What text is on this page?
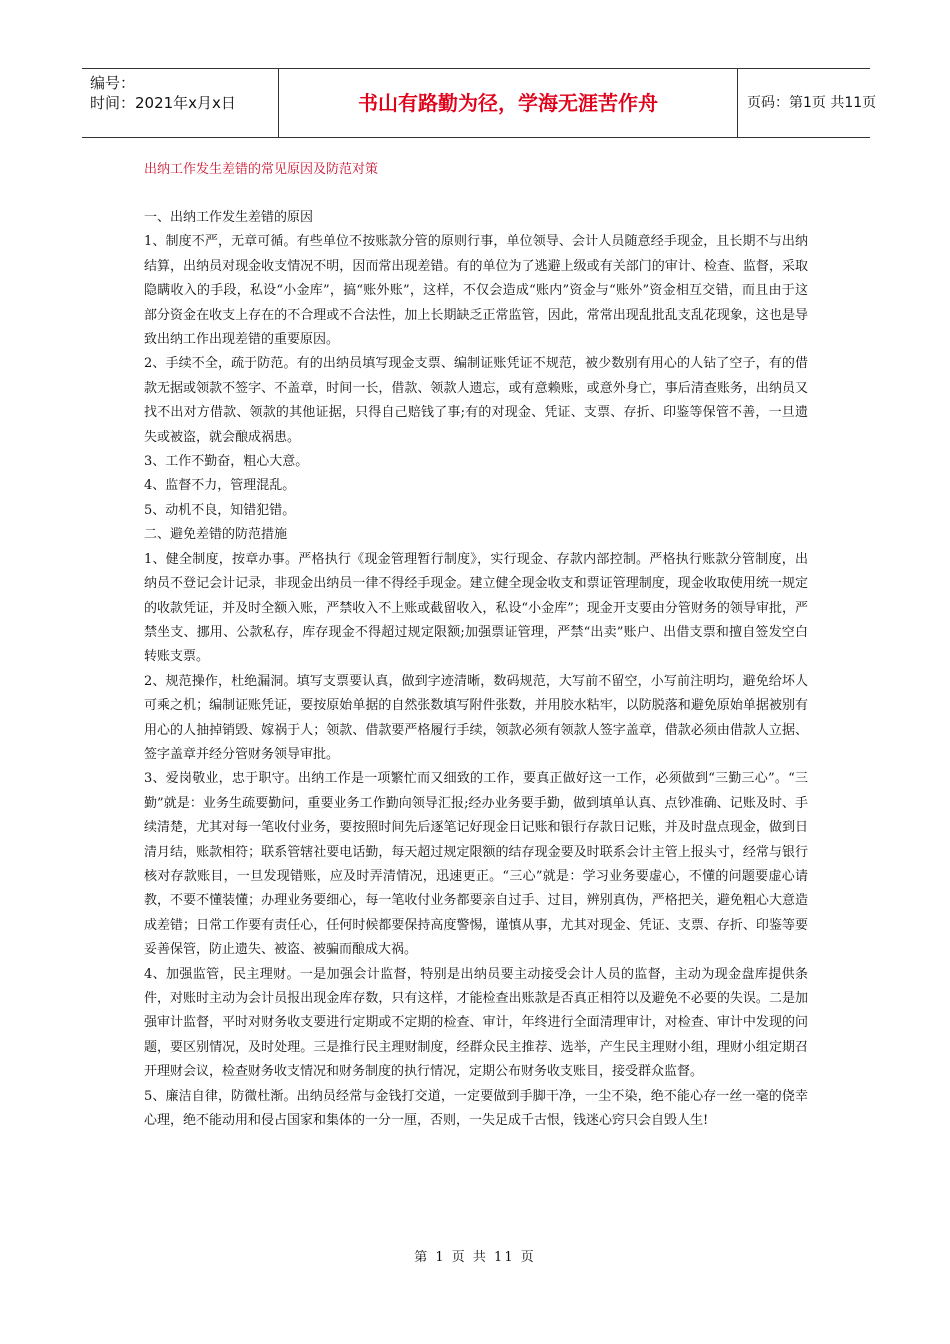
编号：
时间：2021年x月x日	书山有路勤为径，学海无涯苦作舟	页码：第1页 共11页
出纳工作发生差错的常见原因及防范对策

一、出纳工作发生差错的原因

1、制度不严，无章可循。有些单位不按账款分管的原则行事，单位领导、会计人员随意经手现金，且长期不与出纳结算，出纳员对现金收支情况不明，因而常出现差错。有的单位为了逃避上级或有关部门的审计、检查、监督，采取隐瞒收入的手段，私设“小金库”，搞“账外账”，这样，不仅会造成“账内”资金与“账外”资金相互交错，而且由于这部分资金在收支上存在的不合理或不合法性，加上长期缺乏正常监管，因此，常常出现乱批乱支乱花现象，这也是导致出纳工作出现差错的重要原因。

2、手续不全，疏于防范。有的出纳员填写现金支票、编制证账凭证不规范，被少数别有用心的人钻了空子，有的借款无据或领款不签字、不盖章，时间一长，借款、领款人遗忘，或有意赖账，或意外身亡，事后清查账务，出纳员又找不出对方借款、领款的其他证据，只得自己赔钱了事;有的对现金、凭证、支票、存折、印鉴等保管不善，一旦遗失或被盗，就会酿成祸患。

3、工作不勤奋，粗心大意。

4、监督不力，管理混乱。

5、动机不良，知错犯错。

二、避免差错的防范措施

1、健全制度，按章办事。严格执行《现金管理暂行制度》，实行现金、存款内部控制。严格执行账款分管制度，出纳员不登记会计记录，非现金出纳员一律不得经手现金。建立健全现金收支和票证管理制度，现金收取使用统一规定的收款凭证，并及时全额入账，严禁收入不上账或截留收入，私设“小金库”；现金开支要由分管财务的领导审批，严禁坐支、挪用、公款私存，库存现金不得超过规定限额;加强票证管理，严禁“出卖”账户、出借支票和擅自签发空白转账支票。

2、规范操作，杜绝漏洞。填写支票要认真，做到字迹清晰，数码规范，大写前不留空，小写前注明均，避免给坏人可乘之机；编制证账凭证，要按原始单据的自然张数填写附件张数，并用胶水粘牢，以防脱落和避免原始单据被别有用心的人抽掉销毁、嫁祸于人；领款、借款要严格履行手续，领款必须有领款人签字盖章，借款必须由借款人立据、签字盖章并经分管财务领导审批。

3、爱岗敬业，忠于职守。出纳工作是一项繁忙而又细致的工作，要真正做好这一工作，必须做到“三勤三心”。“三勤”就是：业务生疏要勤问，重要业务工作勤向领导汇报;经办业务要手勤，做到填单认真、点钞准确、记账及时、手续清楚，尤其对每一笔收付业务，要按照时间先后逐笔记好现金日记账和银行存款日记账，并及时盘点现金，做到日清月结，账款相符；联系管辖社要电话勤，每天超过规定限额的结存现金要及时联系会计主管上报头寸，经常与银行核对存款账目，一旦发现错账，应及时弄清情况，迅速更正。“三心”就是：学习业务要虚心，不懂的问题要虚心请教，不要不懂装懂；办理业务要细心，每一笔收付业务都要亲自过手、过目，辨别真伪，严格把关，避免粗心大意造成差错；日常工作要有责任心，任何时候都要保持高度警惕，谨慎从事，尤其对现金、凭证、支票、存折、印鉴等要妥善保管，防止遗失、被盗、被骗而酿成大祸。

4、加强监管，民主理财。一是加强会计监督，特别是出纳员要主动接受会计人员的监督，主动为现金盘库提供条件，对账时主动为会计员报出现金库存数，只有这样，才能检查出账款是否真正相符以及避免不必要的失误。二是加强审计监督，平时对财务收支要进行定期或不定期的检查、审计，年终进行全面清理审计，对检查、审计中发现的问题，要区别情况，及时处理。三是推行民主理财制度，经群众民主推荐、选举，产生民主理财小组，理财小组定期召开理财会议，检查财务收支情况和财务制度的执行情况，定期公布财务收支账目，接受群众监督。

5、廉洁自律，防微杜渐。出纳员经常与金钱打交道，一定要做到手脚干净，一尘不染，绝不能心存一丝一毫的侥幸心理，绝不能动用和侵占国家和集体的一分一厘，否则，一失足成千古恨，钱迷心窍只会自毁人生!

第 1 页 共 11 页
